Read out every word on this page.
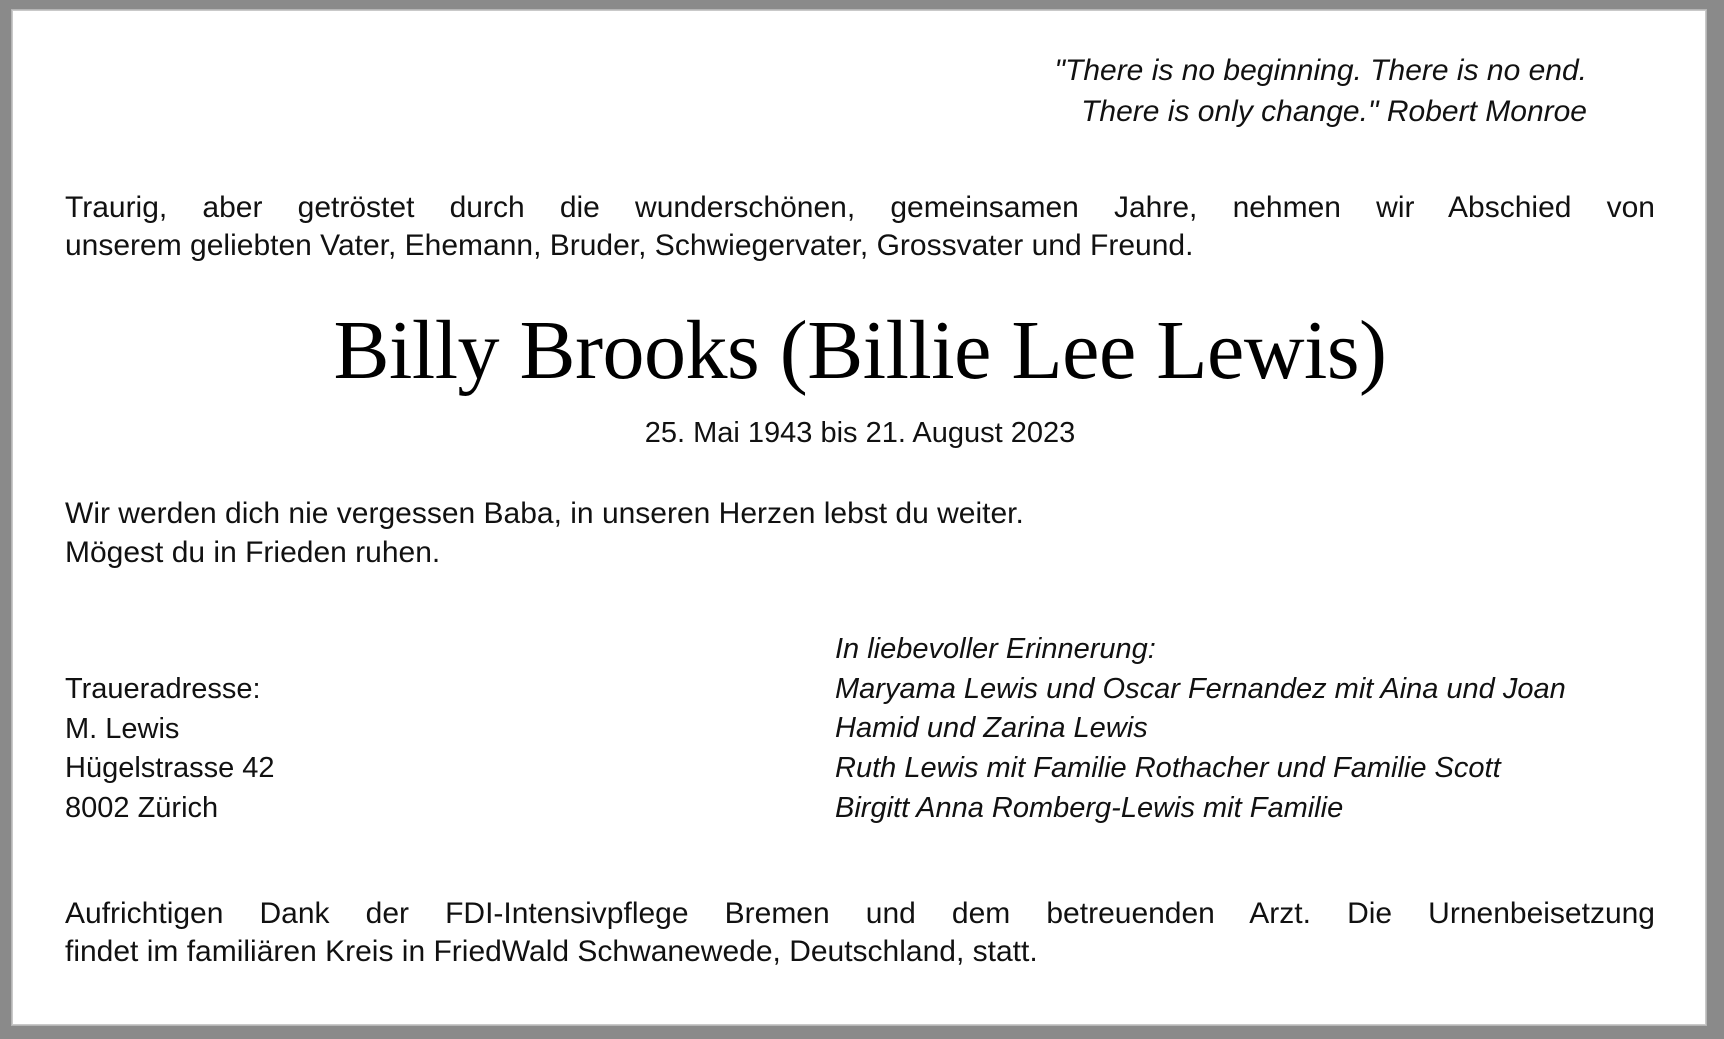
"There is no beginning. There is no end.
There is only change." Robert Monroe
Traurig, aber getröstet durch die wunderschönen, gemeinsamen Jahre, nehmen wir Abschied von
unserem geliebten Vater, Ehemann, Bruder, Schwiegervater, Grossvater und Freund.
Billy Brooks (Billie Lee Lewis)
25. Mai 1943 bis 21. August 2023
Wir werden dich nie vergessen Baba, in unseren Herzen lebst du weiter.
Mögest du in Frieden ruhen.
Traueradresse:
M. Lewis
Hügelstrasse 42
8002 Zürich
In liebevoller Erinnerung:
Maryama Lewis und Oscar Fernandez mit Aina und Joan
Hamid und Zarina Lewis
Ruth Lewis mit Familie Rothacher und Familie Scott
Birgitt Anna Romberg-Lewis mit Familie
Aufrichtigen Dank der FDI-Intensivpflege Bremen und dem betreuenden Arzt. Die Urnenbeisetzung
findet im familiären Kreis in FriedWald Schwanewede, Deutschland, statt.
